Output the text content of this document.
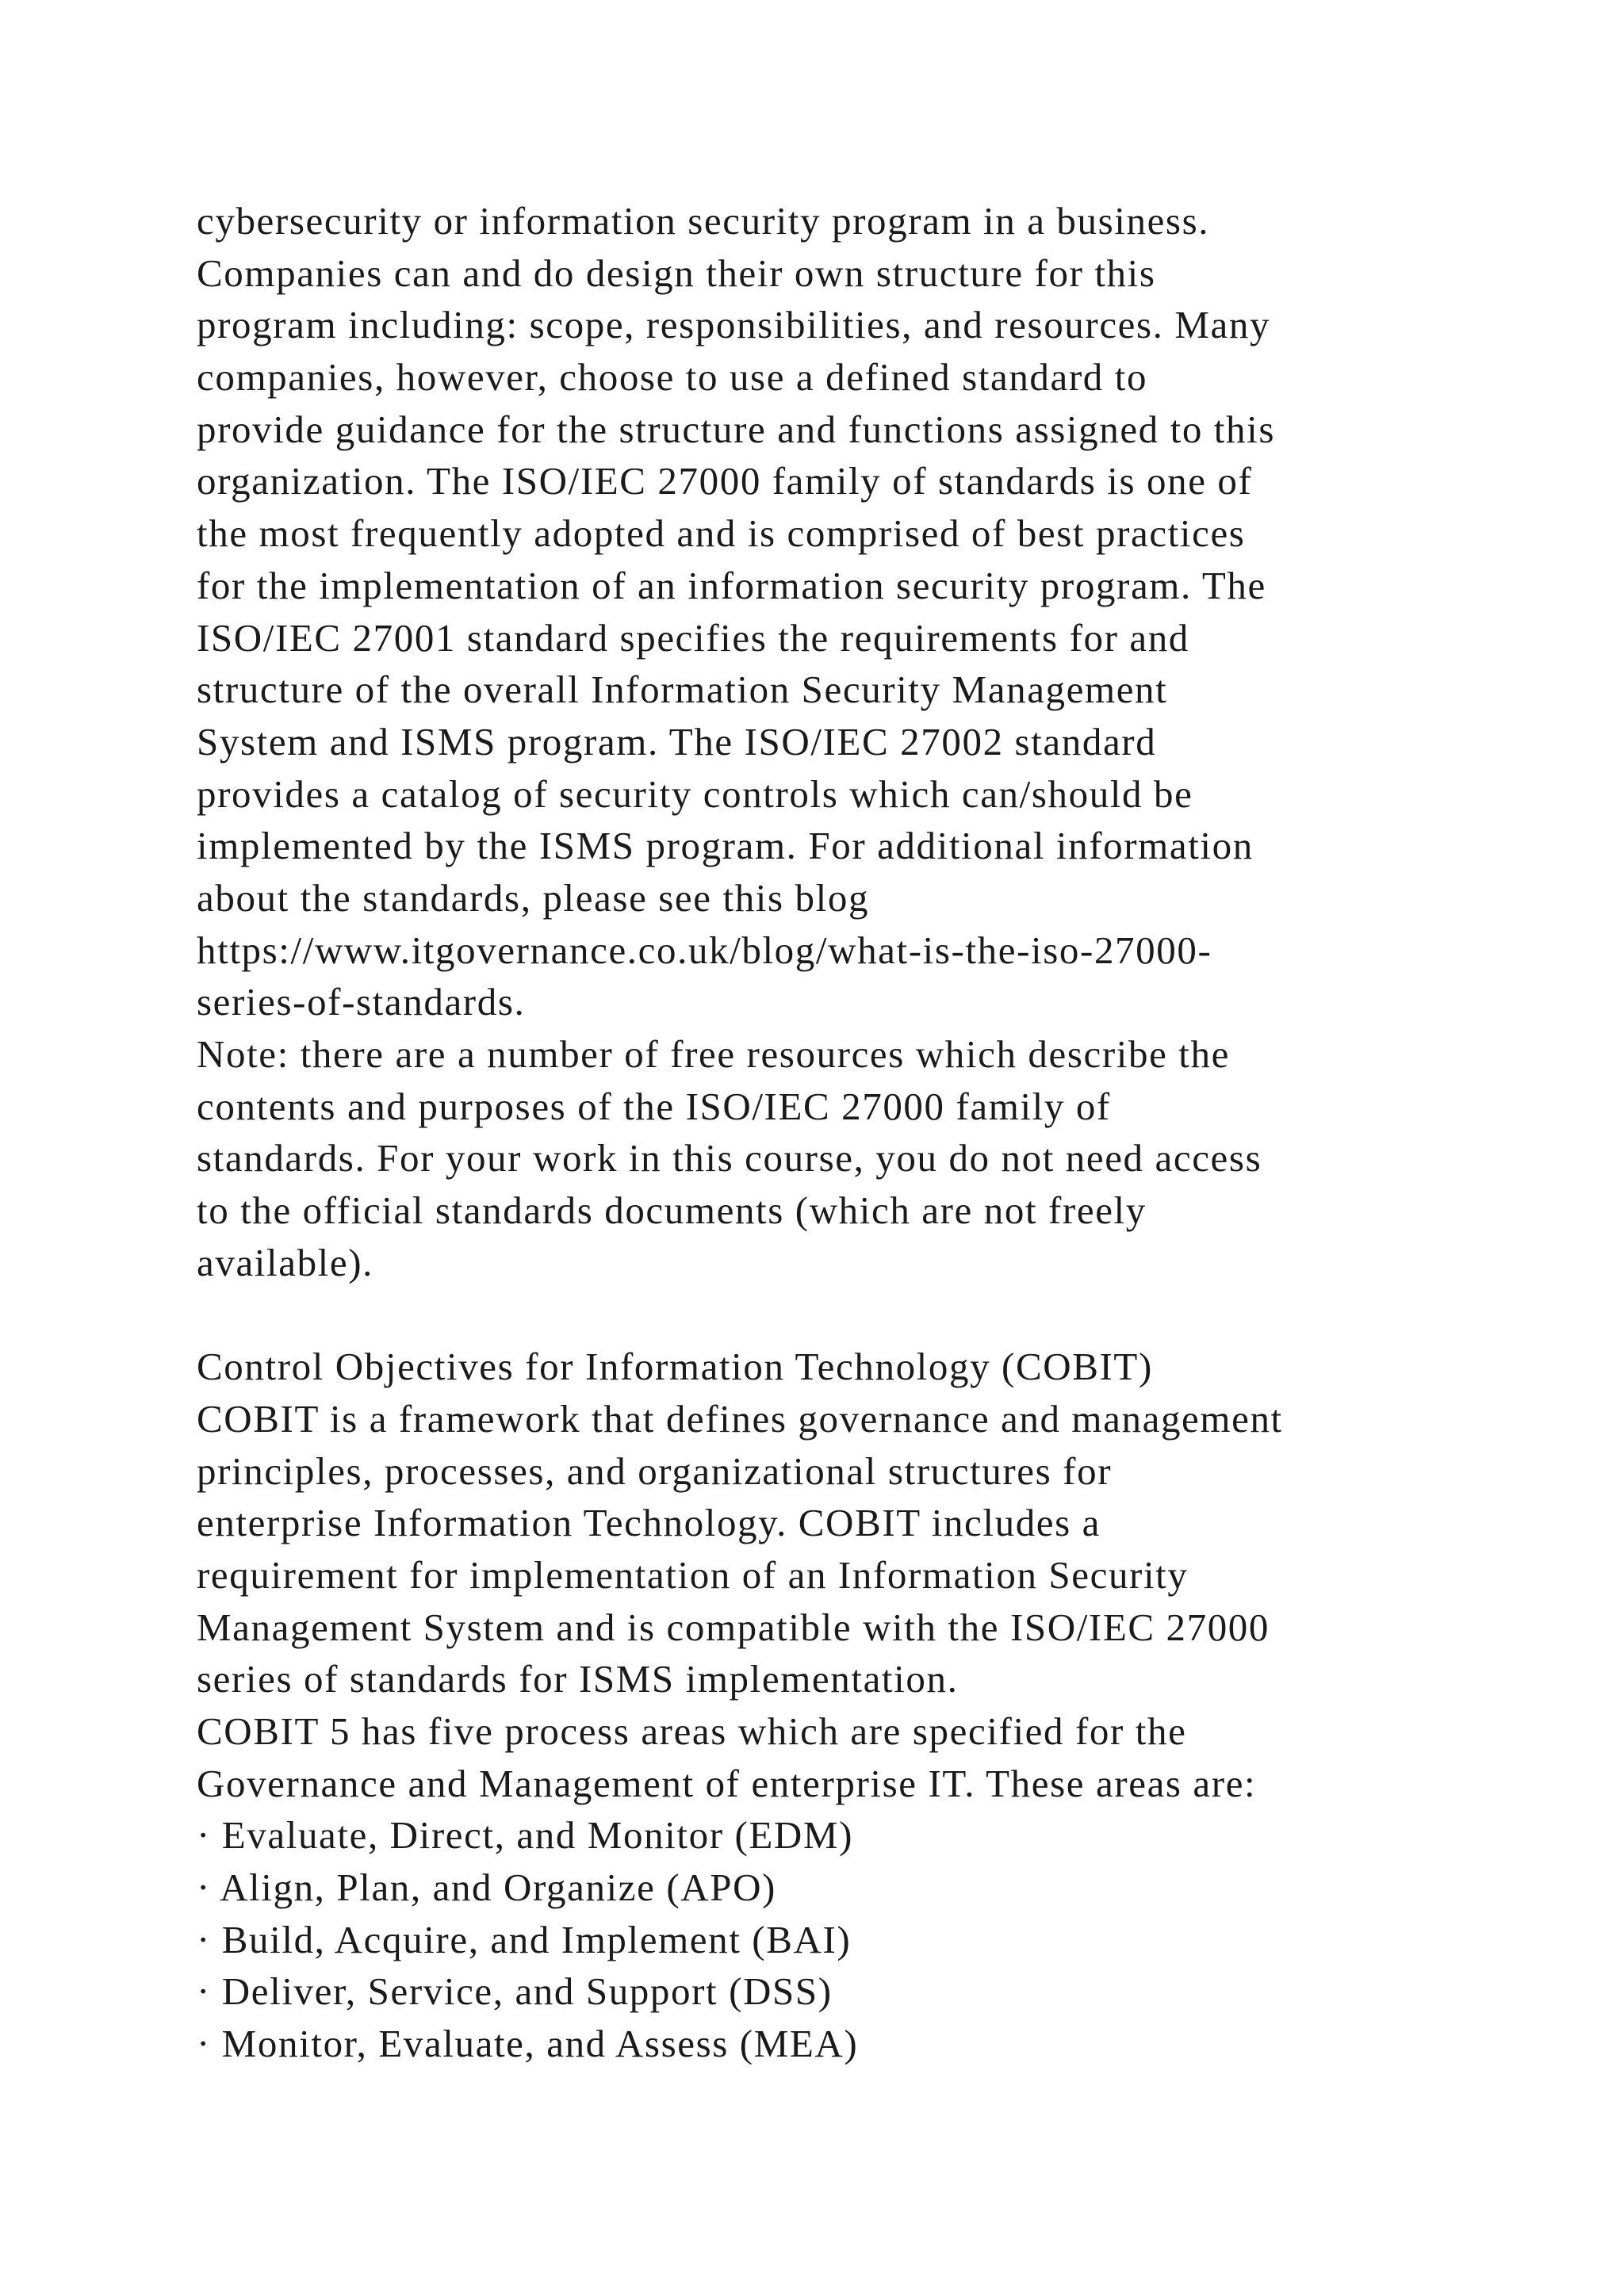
cybersecurity or information security program in a business.
Companies can and do design their own structure for this
program including: scope, responsibilities, and resources. Many
companies, however, choose to use a defined standard to
provide guidance for the structure and functions assigned to this
organization. The ISO/IEC 27000 family of standards is one of
the most frequently adopted and is comprised of best practices
for the implementation of an information security program. The
ISO/IEC 27001 standard specifies the requirements for and
structure of the overall Information Security Management
System and ISMS program. The ISO/IEC 27002 standard
provides a catalog of security controls which can/should be
implemented by the ISMS program. For additional information
about the standards, please see this blog
https://www.itgovernance.co.uk/blog/what-is-the-iso-27000-
series-of-standards.
Note: there are a number of free resources which describe the
contents and purposes of the ISO/IEC 27000 family of
standards. For your work in this course, you do not need access
to the official standards documents (which are not freely
available).
Control Objectives for Information Technology (COBIT)
COBIT is a framework that defines governance and management
principles, processes, and organizational structures for
enterprise Information Technology. COBIT includes a
requirement for implementation of an Information Security
Management System and is compatible with the ISO/IEC 27000
series of standards for ISMS implementation.
COBIT 5 has five process areas which are specified for the
Governance and Management of enterprise IT. These areas are:
· Evaluate, Direct, and Monitor (EDM)
· Align, Plan, and Organize (APO)
· Build, Acquire, and Implement (BAI)
· Deliver, Service, and Support (DSS)
· Monitor, Evaluate, and Assess (MEA)
